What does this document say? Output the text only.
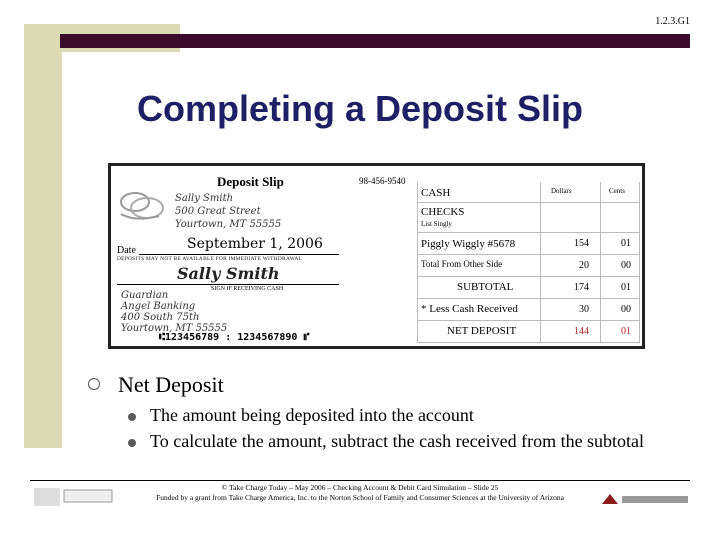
1.2.3.G1
Completing a Deposit Slip
Deposit Slip	98-456-9540
Sally Smith
500 Great Street
Yourtown, MT 55555
Date	September 1, 2006
DEPOSITS MAY NOT BE AVAILABLE FOR IMMEDIATE WITHDRAWAL
Sally Smith
SIGN IF RECEIVING CASH
Guardian
Angel Banking
400 South 75th
Yourtown, MT 55555
⑆123456789 : 1234567890 ⑈
Dollars	Cents
CASH
CHECKS
List Singly
Piggly Wiggly #5678	154	01
Total From Other Side	20	00
SUBTOTAL	174	01
* Less Cash Received	30	00
NET DEPOSIT	144	01
Net Deposit
The amount being deposited into the account
To calculate the amount, subtract the cash received from the subtotal
© Take Charge Today – May 2006 – Checking Account & Debit Card Simulation – Slide 25
Funded by a grant from Take Charge America, Inc. to the Norton School of Family and Consumer Sciences at the University of Arizona
